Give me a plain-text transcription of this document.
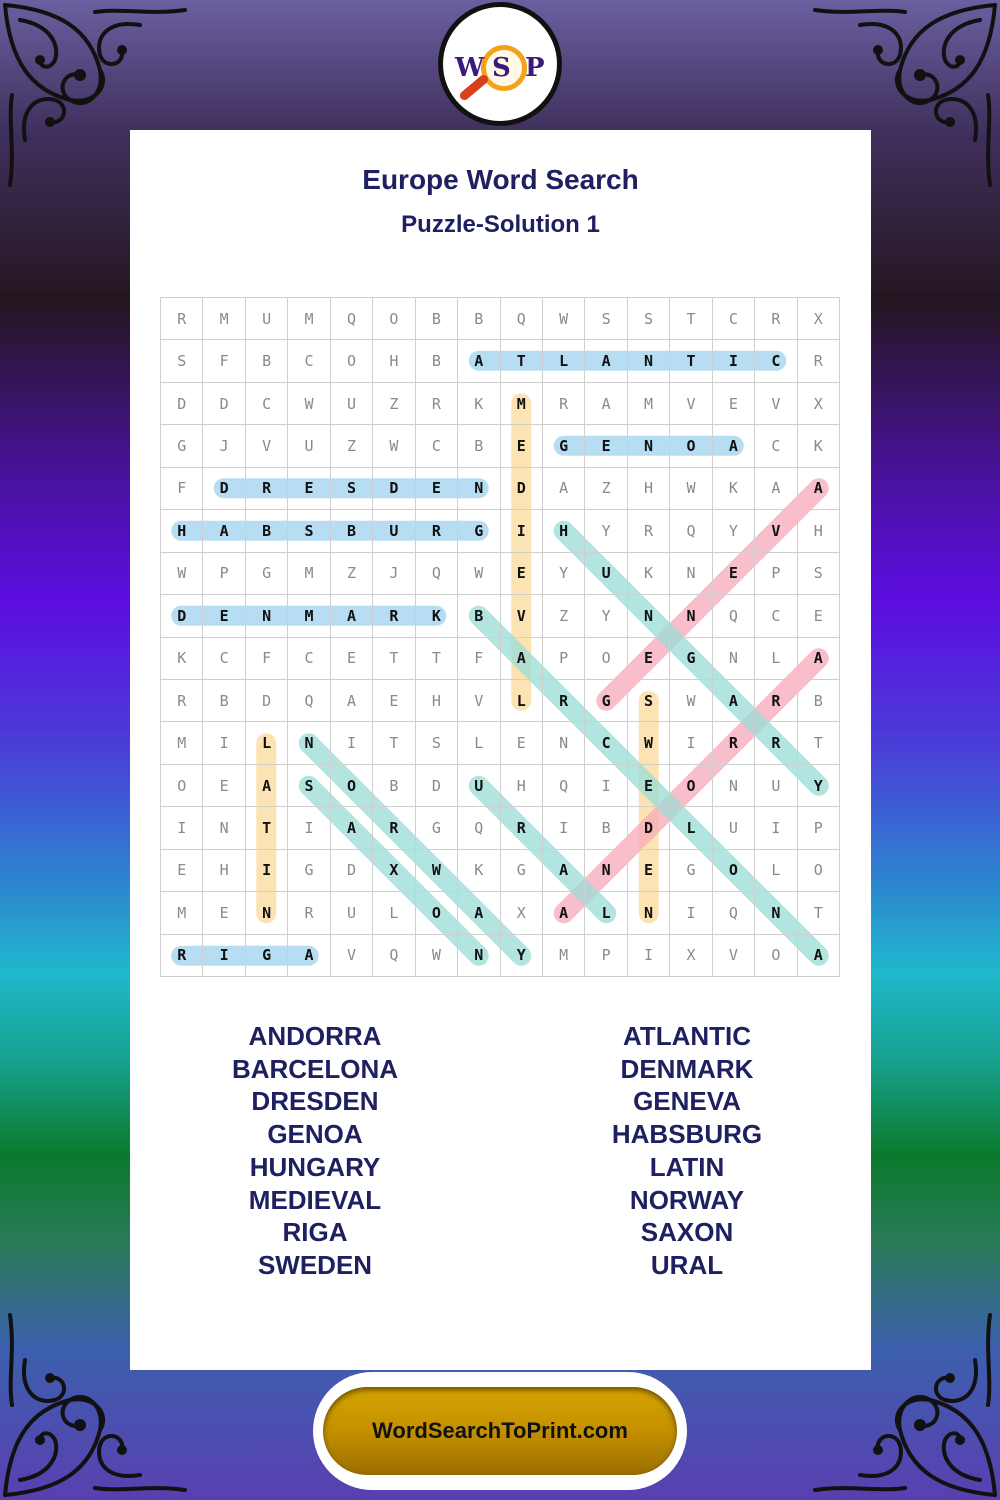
W S P
Europe Word Search
Puzzle-Solution 1
R	M	U	M	Q	O	B	B	Q	W	S	S	T	C	R	X
S	F	B	C	O	H	B	A	T	L	A	N	T	I	C	R
D	D	C	W	U	Z	R	K	M	R	A	M	V	E	V	X
G	J	V	U	Z	W	C	B	E	G	E	N	O	A	C	K
F	D	R	E	S	D	E	N	D	A	Z	H	W	K	A	A
H	A	B	S	B	U	R	G	I	H	Y	R	Q	Y	V	H
W	P	G	M	Z	J	Q	W	E	Y	U	K	N	E	P	S
D	E	N	M	A	R	K	B	V	Z	Y	N	N	Q	C	E
K	C	F	C	E	T	T	F	A	P	O	E	G	N	L	A
R	B	D	Q	A	E	H	V	L	R	G	S	W	A	R	B
M	I	L	N	I	T	S	L	E	N	C	W	I	R	R	T
O	E	A	S	O	B	D	U	H	Q	I	E	O	N	U	Y
I	N	T	I	A	R	G	Q	R	I	B	D	L	U	I	P
E	H	I	G	D	X	W	K	G	A	N	E	G	O	L	O
M	E	N	R	U	L	O	A	X	A	L	N	I	Q	N	T
R	I	G	A	V	Q	W	N	Y	M	P	I	X	V	O	A
ANDORRA
BARCELONA
DRESDEN
GENOA
HUNGARY
MEDIEVAL
RIGA
SWEDEN
ATLANTIC
DENMARK
GENEVA
HABSBURG
LATIN
NORWAY
SAXON
URAL
WordSearchToPrint.com
